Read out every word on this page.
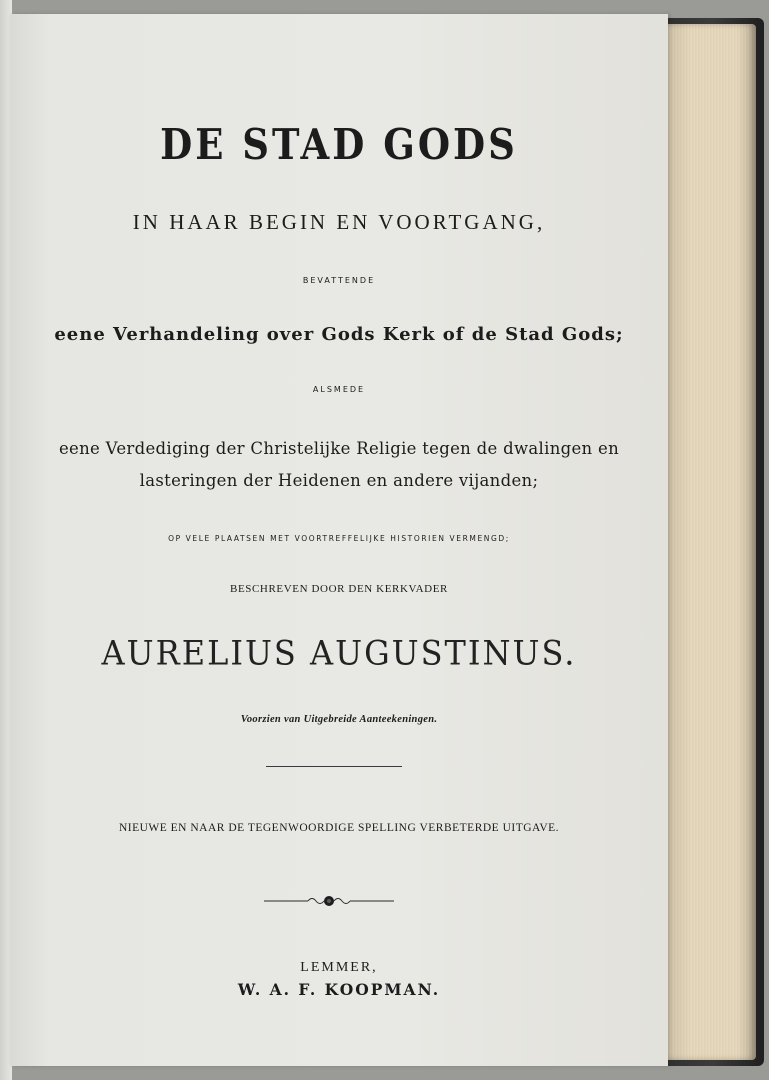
DE STAD GODS
IN HAAR BEGIN EN VOORTGANG,
BEVATTENDE
eene Verhandeling over Gods Kerk of de Stad Gods;
ALSMEDE
eene Verdediging der Christelijke Religie tegen de dwalingen en
lasteringen der Heidenen en andere vijanden;
OP VELE PLAATSEN MET VOORTREFFELIJKE HISTORIEN VERMENGD;
BESCHREVEN DOOR DEN KERKVADER
AURELIUS AUGUSTINUS.
Voorzien van Uitgebreide Aanteekeningen.
NIEUWE EN NAAR DE TEGENWOORDIGE SPELLING VERBETERDE UITGAVE.
LEMMER,
W. A. F. KOOPMAN.
